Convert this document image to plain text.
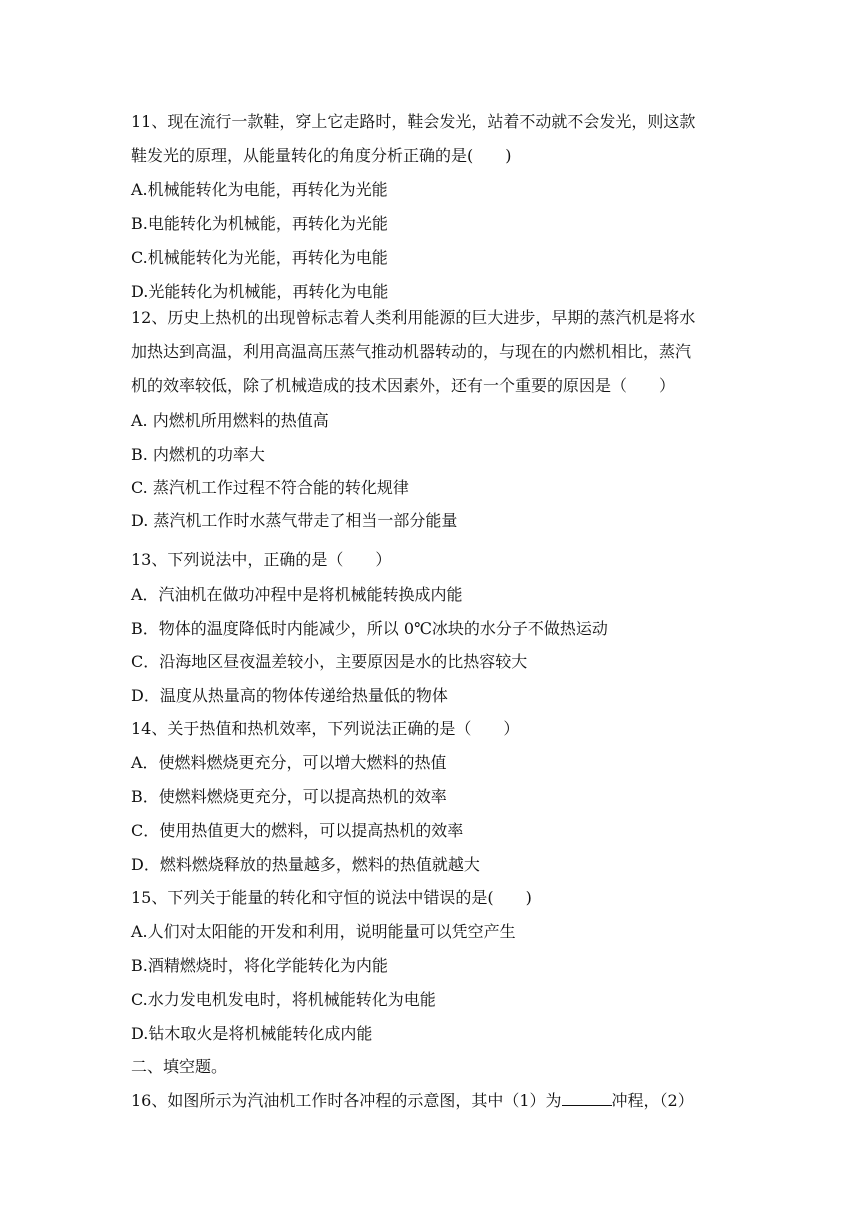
11、现在流行一款鞋，穿上它走路时，鞋会发光，站着不动就不会发光，则这款
鞋发光的原理，从能量转化的角度分析正确的是(　　)
A.机械能转化为电能，再转化为光能
B.电能转化为机械能，再转化为光能
C.机械能转化为光能，再转化为电能
D.光能转化为机械能，再转化为电能
12、历史上热机的出现曾标志着人类利用能源的巨大进步，早期的蒸汽机是将水
加热达到高温，利用高温高压蒸气推动机器转动的，与现在的内燃机相比，蒸汽
机的效率较低，除了机械造成的技术因素外，还有一个重要的原因是（　　）
A. 内燃机所用燃料的热值高
B. 内燃机的功率大
C. 蒸汽机工作过程不符合能的转化规律
D. 蒸汽机工作时水蒸气带走了相当一部分能量
13、下列说法中，正确的是（　　）
A．汽油机在做功冲程中是将机械能转换成内能
B．物体的温度降低时内能减少，所以 0℃冰块的水分子不做热运动
C．沿海地区昼夜温差较小，主要原因是水的比热容较大
D．温度从热量高的物体传递给热量低的物体
14、关于热值和热机效率，下列说法正确的是（　　）
A．使燃料燃烧更充分，可以增大燃料的热值
B．使燃料燃烧更充分，可以提高热机的效率
C．使用热值更大的燃料，可以提高热机的效率
D．燃料燃烧释放的热量越多，燃料的热值就越大
15、下列关于能量的转化和守恒的说法中错误的是(　　)
A.人们对太阳能的开发和利用，说明能量可以凭空产生
B.酒精燃烧时，将化学能转化为内能
C.水力发电机发电时，将机械能转化为电能
D.钻木取火是将机械能转化成内能
二、填空题。
16、如图所示为汽油机工作时各冲程的示意图，其中（1）为	冲程，（2）
